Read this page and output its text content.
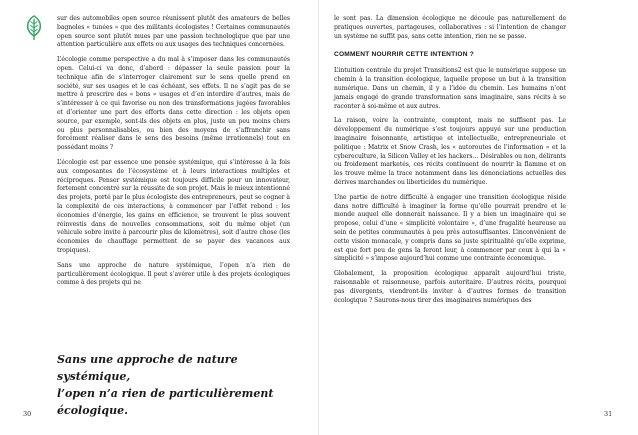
sur des automobiles open source réunissent plutôt des amateurs de belles bagnoles « tunées » que des militants écologistes ! Certaines communautés open source sont plutôt mues par une passion technologique que par une attention particulière aux effets ou aux usages des techniques concernées.

L’écologie comme perspective a du mal à s’imposer dans les communautés open. Celui-ci va donc, d’abord : dépasser la seule passion pour la technique afin de s’interroger clairement sur le sens quelle prend en société, sur ses usages et le cas échéant, ses effets. Il ne s’agit pas de se mettre à prescrire des « bons » usages et d’en interdire d’autres, mais de s’intéresser à ce qui favorise ou non des transformations jugées favorables et d’orienter une part des efforts dans cette direction : les objets open source, par exemple, sont-ils des objets en plus, juste un peu moins chers ou plus personnalisables, ou bien des moyens de s’affranchir sans forcément réaliser dans le sens des besoins (même irrationnels) tout en possédant moins ?

L’écologie est par essence une pensée systémique, qui s’intéresse à la fois aux composantes de l’écosystème et à leurs interactions multiples et réciproques. Penser systémique est toujours difficile pour un innovateur, fortement concentré sur la réussite de son projet. Mais le mieux intentionné des projets, porté par le plus écologiste des entrepreneurs, peut se cogner à la complexité de ces interactions, à commencer par l’effet rebond : les économies d’énergie, les gains en efficience, se trouvent le plus souvent réinvestis dans de nouvelles consommations, soit du même objet (un véhicule sobre invite à parcourir plus de kilomètres), soit d’autre chose (les économies de chauffage permettent de se payer des vacances aux tropiques).

Sans une approche de nature systémique, l’open n’a rien de particulièrement écologique. Il peut s’avérer utile à des projets écologiques comme à des projets qui ne

Sans une approche de nature systémique,
l’open n’a rien de particulièrement écologique.
30

le sont pas. La dimension écologique ne découle pas naturellement de pratiques ouvertes, partageuses, collaboratives : si l’intention de changer un système ne suffit pas, sans cette intention, rien ne se passe.

COMMENT NOURRIR CETTE INTENTION ?

L’intuition centrale du projet Transitions2 est que le numérique suppose un chemin à la transition écologique, laquelle propose un but à la transition numérique. Dans un chemin, il y a l’idée du chemin. Les humains n’ont jamais engagé de grande transformation sans imaginaire, sans récits à se raconter à soi-même et aux autres.

La raison, voire la contrainte, comptent, mais ne suffisent pas. Le développement du numérique s’est toujours appuyé sur une production imaginaire foisonnante, artistique et intellectuelle, entrepreneuriale et politique : Matrix et Snow Crash, les « autoroutes de l’information » et la cybereculture, la Silicon Valley et les hackers… Désirables ou non, délirants ou froidement marketés, ces récits continuent de nourrir la flamme et on les trouve même la trace notamment dans les dénonciations actuelles des dérives marchandes ou liberticides du numérique.

Une partie de notre difficulté à engager une transition écologique réside dans notre difficulté à imaginer la forme qu’elle pourrait prendre et le monde auquel elle donnerait naissance. Il y a bien un imaginaire qui se propose, celui d’une « simplicité volontaire », d’une frugalité heureuse au sein de petites communautés à peu près autosuffisantes. L’inconvénient de cette vision monacale, y compris dans sa juste spiritualité qu’elle exprime, est que fort peu de gens la feront leur, à commencer par ceux à qui la « simplicité » s’impose aujourd’hui comme une contrainte économique.

Globalement, la proposition écologique apparaît aujourd’hui triste, raisonnable et raisonneuse, parfois autoritaire. D’autres récits, pourquoi pas divergents, viendront-ils inviter à d’autres formes de transition écologique ? Saurons-nous tirer des imaginaires numériques des

31
